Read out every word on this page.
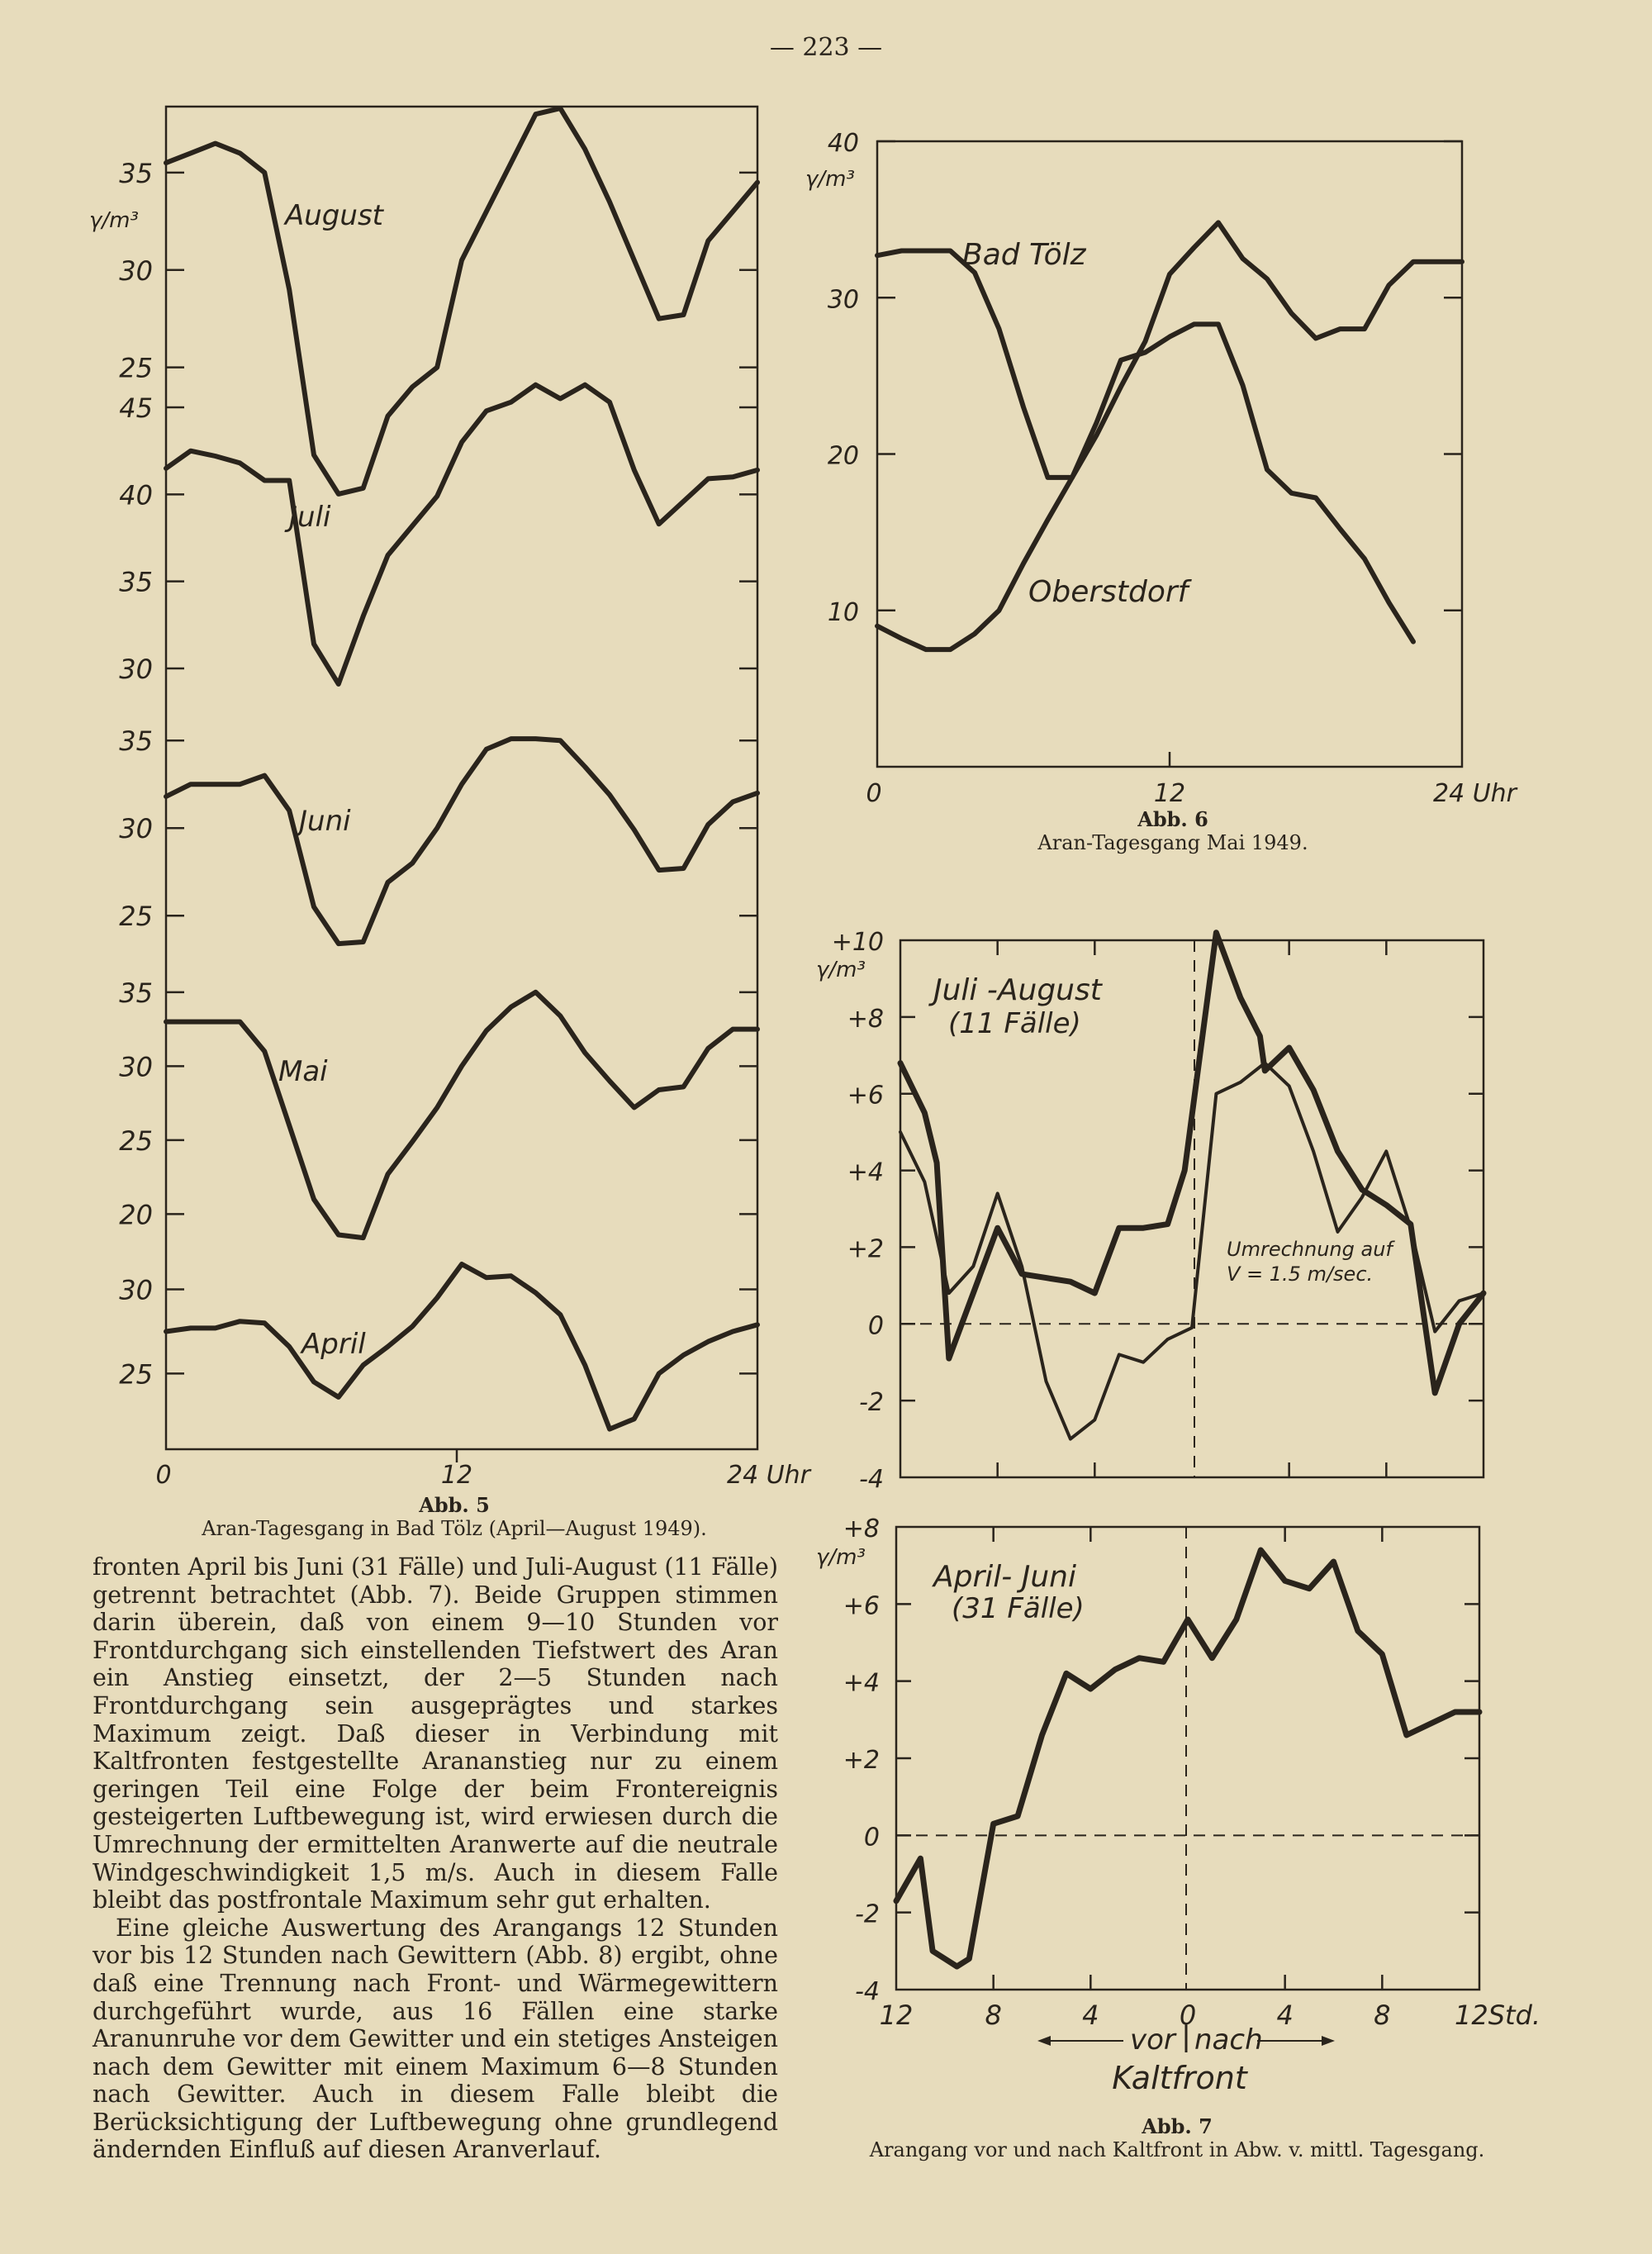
— 223 —
0	12	24 Uhr
γ/m³
35
30
25
August
45
40
35
30
Juli
35
30
25
Juni
35
30
25
20
Mai
30
25
April
Abb. 5
Aran-Tagesgang in Bad Tölz (April—August 1949).
10
20
30
40
0	12	24 Uhr
γ/m³
Bad Tölz
Oberstdorf
Abb. 6
Aran-Tagesgang Mai 1949.
+10
+8
+6
+4
+2
0
-2
-4
+8
+6
+4
+2
0
-2
-4
12	8	4	0	4	8 12Std.
γ/m³
γ/m³
Juli -August
(11 Fälle)
Umrechnung auf
V = 1.5 m/sec.
April- Juni
(31 Fälle)
vor nach
Kaltfront
Abb. 7
Arangang vor und nach Kaltfront in Abw. v. mittl. Tagesgang.

fronten April bis Juni (31 Fälle) und Juli-August (11 Fälle) getrennt betrachtet (Abb. 7). Beide Gruppen stimmen darin überein, daß von einem 9—10 Stunden vor Frontdurchgang sich einstellenden Tiefstwert des Aran ein Anstieg einsetzt, der 2—5 Stunden nach Frontdurchgang sein ausgeprägtes und starkes Maximum zeigt. Daß dieser in Verbindung mit Kaltfronten festgestellte Arananstieg nur zu einem geringen Teil eine Folge der beim Frontereignis gesteigerten Luftbewegung ist, wird erwiesen durch die Umrechnung der ermittelten Aranwerte auf die neutrale Windgeschwindigkeit 1,5 m/s. Auch in diesem Falle bleibt das postfrontale Maximum sehr gut erhalten.

Eine gleiche Auswertung des Arangangs 12 Stunden vor bis 12 Stunden nach Gewittern (Abb. 8) ergibt, ohne daß eine Trennung nach Front- und Wärmegewittern durchgeführt wurde, aus 16 Fällen eine starke Aranunruhe vor dem Gewitter und ein stetiges Ansteigen nach dem Gewitter mit einem Maximum 6—8 Stunden nach Gewitter. Auch in diesem Falle bleibt die Berücksichtigung der Luftbewegung ohne grundlegend ändernden Einfluß auf diesen Aranverlauf.
